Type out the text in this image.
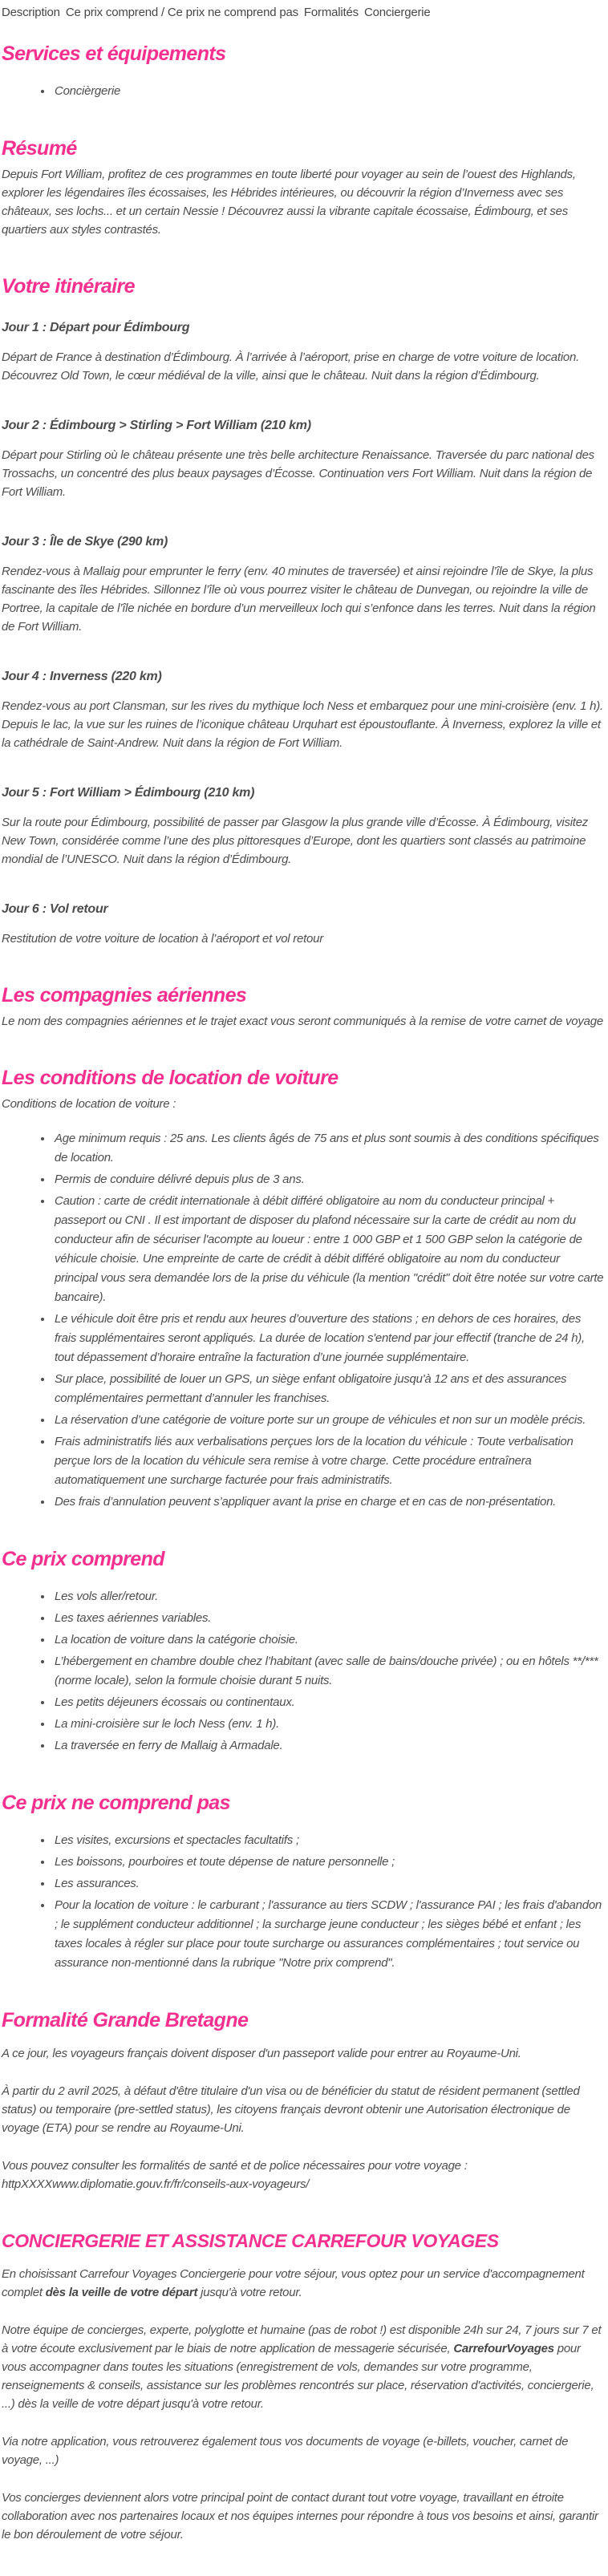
Description Ce prix comprend / Ce prix ne comprend pas Formalités Conciergerie
Services et équipements
• Concièrgerie
Résumé

Depuis Fort William, profitez de ces programmes en toute liberté pour voyager au sein de l’ouest des Highlands, explorer les légendaires îles écossaises, les Hébrides intérieures, ou découvrir la région d’Inverness avec ses châteaux, ses lochs... et un certain Nessie ! Découvrez aussi la vibrante capitale écossaise, Édimbourg, et ses quartiers aux styles contrastés.

Votre itinéraire
Jour 1 : Départ pour Édimbourg

Départ de France à destination d’Édimbourg. À l’arrivée à l’aéroport, prise en charge de votre voiture de location. Découvrez Old Town, le cœur médiéval de la ville, ainsi que le château. Nuit dans la région d’Édimbourg.

Jour 2 : Édimbourg > Stirling > Fort William (210 km)

Départ pour Stirling où le château présente une très belle architecture Renaissance. Traversée du parc national des Trossachs, un concentré des plus beaux paysages d’Écosse. Continuation vers Fort William. Nuit dans la région de Fort William.

Jour 3 : Île de Skye (290 km)

Rendez-vous à Mallaig pour emprunter le ferry (env. 40 minutes de traversée) et ainsi rejoindre l’île de Skye, la plus fascinante des îles Hébrides. Sillonnez l’île où vous pourrez visiter le château de Dunvegan, ou rejoindre la ville de Portree, la capitale de l’île nichée en bordure d’un merveilleux loch qui s’enfonce dans les terres. Nuit dans la région de Fort William.

Jour 4 : Inverness (220 km)

Rendez-vous au port Clansman, sur les rives du mythique loch Ness et embarquez pour une mini-croisière (env. 1 h). Depuis le lac, la vue sur les ruines de l’iconique château Urquhart est époustouflante. À Inverness, explorez la ville et la cathédrale de Saint-Andrew. Nuit dans la région de Fort William.

Jour 5 : Fort William > Édimbourg (210 km)

Sur la route pour Édimbourg, possibilité de passer par Glasgow la plus grande ville d’Écosse. À Édimbourg, visitez New Town, considérée comme l’une des plus pittoresques d’Europe, dont les quartiers sont classés au patrimoine mondial de l’UNESCO. Nuit dans la région d’Édimbourg.

Jour 6 : Vol retour

Restitution de votre voiture de location à l’aéroport et vol retour

Les compagnies aériennes

Le nom des compagnies aériennes et le trajet exact vous seront communiqués à la remise de votre carnet de voyage

Les conditions de location de voiture

Conditions de location de voiture :

• Age minimum requis : 25 ans. Les clients âgés de 75 ans et plus sont soumis à des conditions spécifiques de location.
• Permis de conduire délivré depuis plus de 3 ans.
• Caution : carte de crédit internationale à débit différé obligatoire au nom du conducteur principal + passeport ou CNI . Il est important de disposer du plafond nécessaire sur la carte de crédit au nom du conducteur afin de sécuriser l'acompte au loueur : entre 1 000 GBP et 1 500 GBP selon la catégorie de véhicule choisie. Une empreinte de carte de crédit à débit différé obligatoire au nom du conducteur principal vous sera demandée lors de la prise du véhicule (la mention "crédit" doit être notée sur votre carte bancaire).
• Le véhicule doit être pris et rendu aux heures d’ouverture des stations ; en dehors de ces horaires, des frais supplémentaires seront appliqués. La durée de location s'entend par jour effectif (tranche de 24 h), tout dépassement d’horaire entraîne la facturation d’une journée supplémentaire.
• Sur place, possibilité de louer un GPS, un siège enfant obligatoire jusqu'à 12 ans et des assurances complémentaires permettant d’annuler les franchises.
• La réservation d’une catégorie de voiture porte sur un groupe de véhicules et non sur un modèle précis.
• Frais administratifs liés aux verbalisations perçues lors de la location du véhicule : Toute verbalisation perçue lors de la location du véhicule sera remise à votre charge. Cette procédure entraînera automatiquement une surcharge facturée pour frais administratifs.
• Des frais d’annulation peuvent s’appliquer avant la prise en charge et en cas de non-présentation.
Ce prix comprend
• Les vols aller/retour.
• Les taxes aériennes variables.
• La location de voiture dans la catégorie choisie.
• L’hébergement en chambre double chez l’habitant (avec salle de bains/douche privée) ; ou en hôtels **/*** (norme locale), selon la formule choisie durant 5 nuits.
• Les petits déjeuners écossais ou continentaux.
• La mini-croisière sur le loch Ness (env. 1 h).
• La traversée en ferry de Mallaig à Armadale.
Ce prix ne comprend pas
• Les visites, excursions et spectacles facultatifs ;
• Les boissons, pourboires et toute dépense de nature personnelle ;
• Les assurances.
• Pour la location de voiture : le carburant ; l'assurance au tiers SCDW ; l'assurance PAI ; les frais d'abandon ; le supplément conducteur additionnel ; la surcharge jeune conducteur ; les sièges bébé et enfant ; les taxes locales à régler sur place pour toute surcharge ou assurances complémentaires ; tout service ou assurance non-mentionné dans la rubrique "Notre prix comprend".
Formalité Grande Bretagne

A ce jour, les voyageurs français doivent disposer d'un passeport valide pour entrer au Royaume-Uni.

À partir du 2 avril 2025, à défaut d'être titulaire d'un visa ou de bénéficier du statut de résident permanent (settled status) ou temporaire (pre-settled status), les citoyens français devront obtenir une Autorisation électronique de voyage (ETA) pour se rendre au Royaume-Uni.

Vous pouvez consulter les formalités de santé et de police nécessaires pour votre voyage :
httpXXXXwww.diplomatie.gouv.fr/fr/conseils-aux-voyageurs/

CONCIERGERIE ET ASSISTANCE CARREFOUR VOYAGES

En choisissant Carrefour Voyages Conciergerie pour votre séjour, vous optez pour un service d'accompagnement complet dès la veille de votre départ jusqu'à votre retour.

Notre équipe de concierges, experte, polyglotte et humaine (pas de robot !) est disponible 24h sur 24, 7 jours sur 7 et à votre écoute exclusivement par le biais de notre application de messagerie sécurisée, CarrefourVoyages pour vous accompagner dans toutes les situations (enregistrement de vols, demandes sur votre programme, renseignements & conseils, assistance sur les problèmes rencontrés sur place, réservation d'activités, conciergerie, ...) dès la veille de votre départ jusqu'à votre retour.

Via notre application, vous retrouverez également tous vos documents de voyage (e-billets, voucher, carnet de voyage, ...)

Vos concierges deviennent alors votre principal point de contact durant tout votre voyage, travaillant en étroite collaboration avec nos partenaires locaux et nos équipes internes pour répondre à tous vos besoins et ainsi, garantir le bon déroulement de votre séjour.
